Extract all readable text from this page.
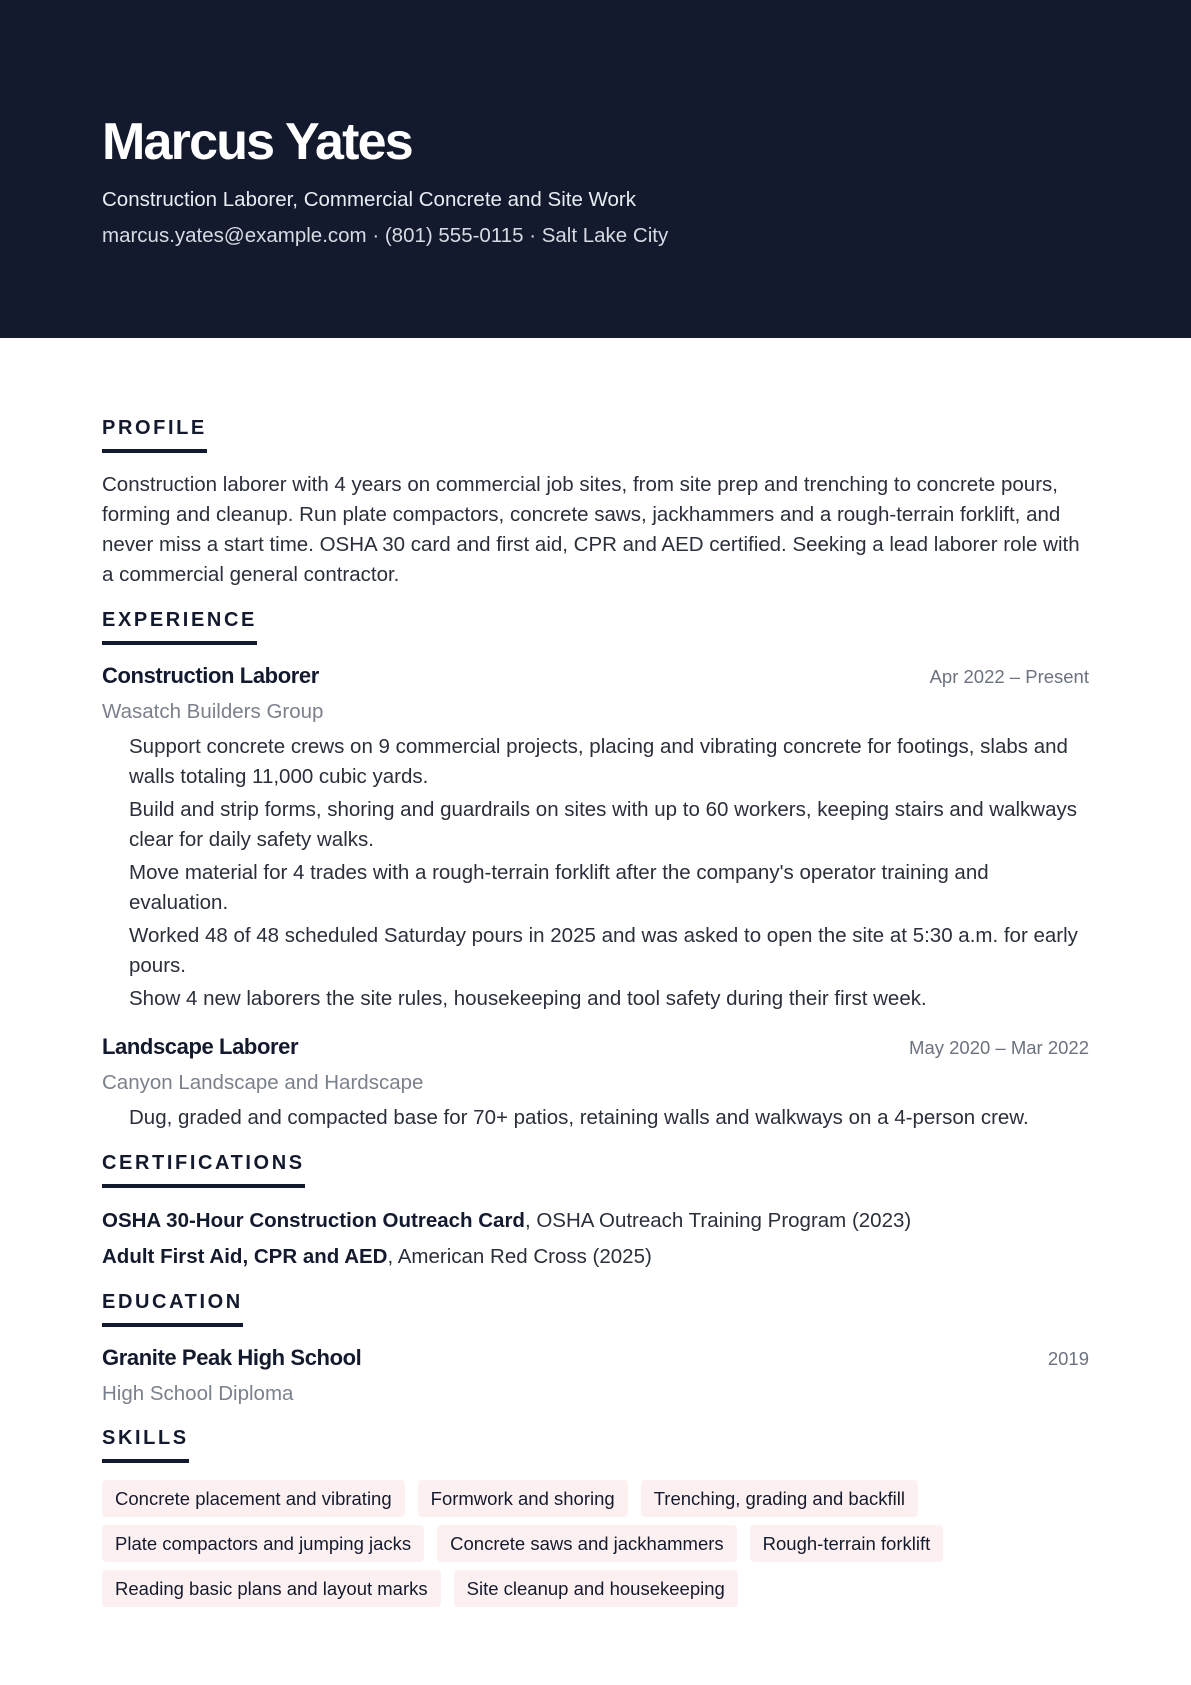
Marcus Yates
Construction Laborer, Commercial Concrete and Site Work
marcus.yates@example.com · (801) 555-0115 · Salt Lake City
PROFILE

Construction laborer with 4 years on commercial job sites, from site prep and trenching to concrete pours, forming and cleanup. Run plate compactors, concrete saws, jackhammers and a rough-terrain forklift, and never miss a start time. OSHA 30 card and first aid, CPR and AED certified. Seeking a lead laborer role with a commercial general contractor.

EXPERIENCE
Construction Laborer	Apr 2022 – Present
Wasatch Builders Group
Support concrete crews on 9 commercial projects, placing and vibrating concrete for footings, slabs and walls totaling 11,000 cubic yards.
Build and strip forms, shoring and guardrails on sites with up to 60 workers, keeping stairs and walkways clear for daily safety walks.
Move material for 4 trades with a rough-terrain forklift after the company's operator training and evaluation.
Worked 48 of 48 scheduled Saturday pours in 2025 and was asked to open the site at 5:30 a.m. for early pours.
Show 4 new laborers the site rules, housekeeping and tool safety during their first week.
Landscape Laborer	May 2020 – Mar 2022
Canyon Landscape and Hardscape
Dug, graded and compacted base for 70+ patios, retaining walls and walkways on a 4-person crew.
CERTIFICATIONS
OSHA 30-Hour Construction Outreach Card, OSHA Outreach Training Program (2023)
Adult First Aid, CPR and AED, American Red Cross (2025)
EDUCATION
Granite Peak High School	2019
High School Diploma
SKILLS
Concrete placement and vibrating	Formwork and shoring	Trenching, grading and backfill
Plate compactors and jumping jacks	Concrete saws and jackhammers	Rough-terrain forklift
Reading basic plans and layout marks	Site cleanup and housekeeping
